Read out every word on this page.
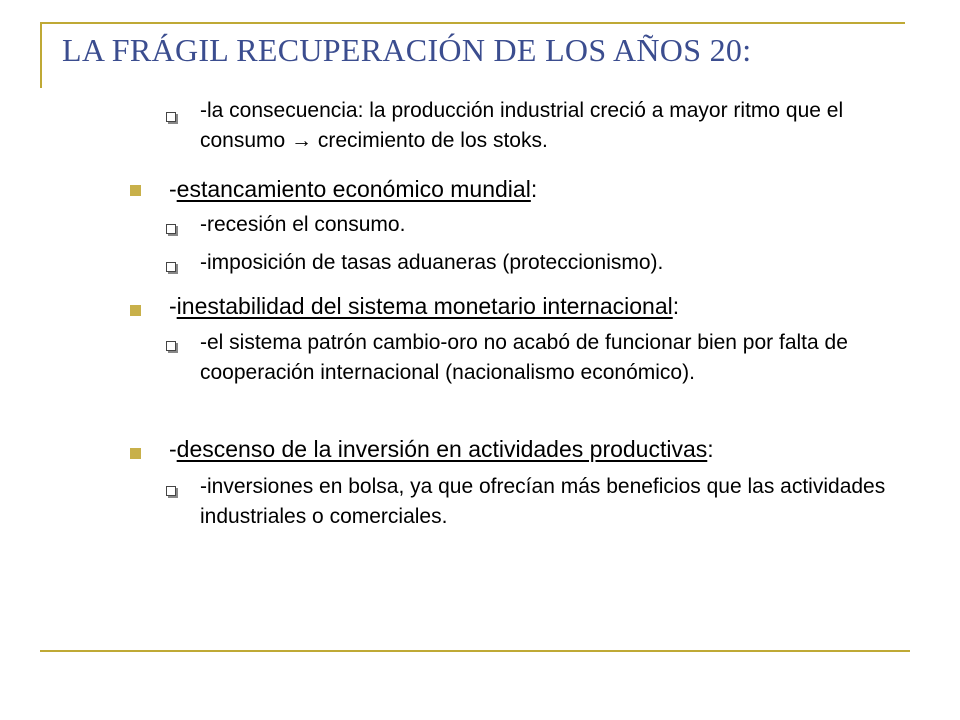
LA FRÁGIL RECUPERACIÓN DE LOS AÑOS 20:
-la consecuencia: la producción industrial creció a mayor ritmo que el consumo → crecimiento de los stoks.
-estancamiento económico mundial:
-recesión el consumo.
-imposición de tasas aduaneras (proteccionismo).
-inestabilidad del sistema monetario internacional:
-el sistema patrón cambio-oro no acabó de funcionar bien por falta de cooperación internacional (nacionalismo económico).
-descenso de la inversión en actividades productivas:
-inversiones en bolsa, ya que ofrecían más beneficios que las actividades industriales o comerciales.
